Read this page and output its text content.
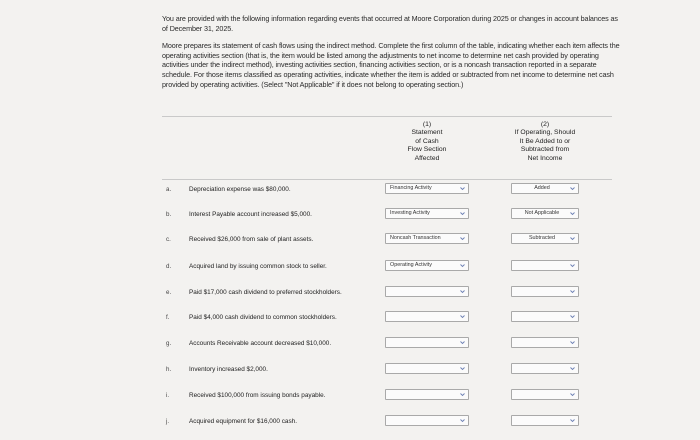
You are provided with the following information regarding events that occurred at Moore Corporation during 2025 or changes in account balances as of December 31, 2025.

Moore prepares its statement of cash flows using the indirect method. Complete the first column of the table, indicating whether each item affects the operating activities section (that is, the item would be listed among the adjustments to net income to determine net cash provided by operating activities under the indirect method), investing activities section, financing activities section, or is a noncash transaction reported in a separate schedule. For those items classified as operating activities, indicate whether the item is added or subtracted from net income to determine net cash provided by operating activities. (Select "Not Applicable" if it does not belong to operating section.)

(1)
Statement
of Cash
Flow Section
Affected
(2)
If Operating, Should
It Be Added to or
Subtracted from
Net Income
a.	Depreciation expense was $80,000.	Financing Activity	Added
b.	Interest Payable account increased $5,000.	Investing Activity	Not Applicable
c.	Received $26,000 from sale of plant assets.	Noncash Transaction	Subtracted
d.	Acquired land by issuing common stock to seller.	Operating Activity
e.	Paid $17,000 cash dividend to preferred stockholders.
f.	Paid $4,000 cash dividend to common stockholders.
g.	Accounts Receivable account decreased $10,000.
h.	Inventory increased $2,000.
i.	Received $100,000 from issuing bonds payable.
j.	Acquired equipment for $16,000 cash.
